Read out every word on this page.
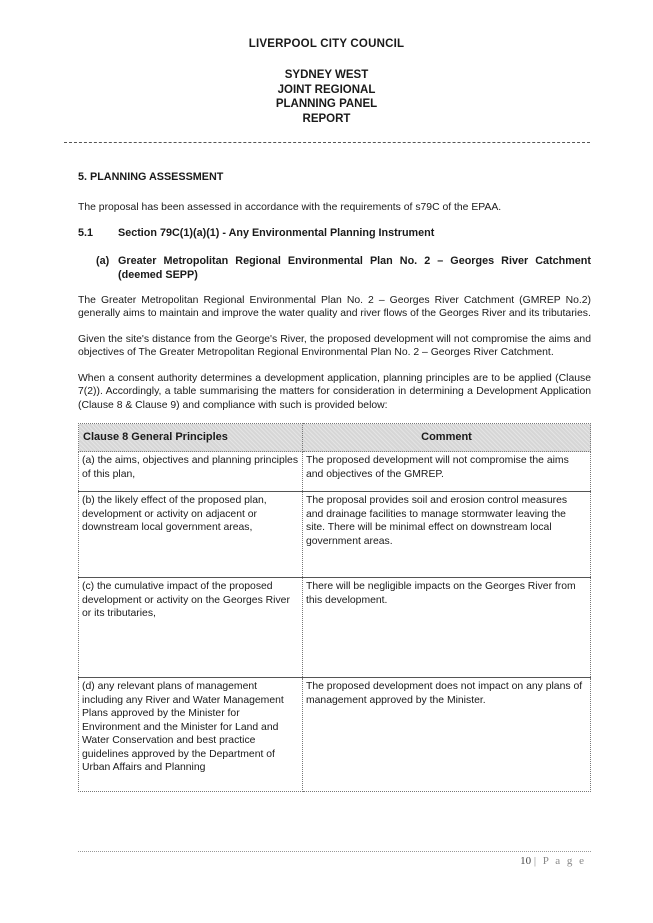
LIVERPOOL CITY COUNCIL
SYDNEY WEST
JOINT REGIONAL
PLANNING PANEL
REPORT
5. PLANNING ASSESSMENT
The proposal has been assessed in accordance with the requirements of s79C of the EPAA.
5.1	Section 79C(1)(a)(1) - Any Environmental Planning Instrument
(a) Greater Metropolitan Regional Environmental Plan No. 2 – Georges River Catchment (deemed SEPP)
The Greater Metropolitan Regional Environmental Plan No. 2 – Georges River Catchment (GMREP No.2) generally aims to maintain and improve the water quality and river flows of the Georges River and its tributaries.
Given the site's distance from the George's River, the proposed development will not compromise the aims and objectives of The Greater Metropolitan Regional Environmental Plan No. 2 – Georges River Catchment.
When a consent authority determines a development application, planning principles are to be applied (Clause 7(2)). Accordingly, a table summarising the matters for consideration in determining a Development Application (Clause 8 & Clause 9) and compliance with such is provided below:
Clause 8 General Principles	Comment
(a) the aims, objectives and planning principles of this plan,	The proposed development will not compromise the aims and objectives of the GMREP.
(b) the likely effect of the proposed plan, development or activity on adjacent or downstream local government areas,	The proposal provides soil and erosion control measures and drainage facilities to manage stormwater leaving the site. There will be minimal effect on downstream local government areas.
(c) the cumulative impact of the proposed development or activity on the Georges River or its tributaries,	There will be negligible impacts on the Georges River from this development.
(d) any relevant plans of management including any River and Water Management Plans approved by the Minister for Environment and the Minister for Land and Water Conservation and best practice guidelines approved by the Department of Urban Affairs and Planning	The proposed development does not impact on any plans of management approved by the Minister.
10 | P a g e
